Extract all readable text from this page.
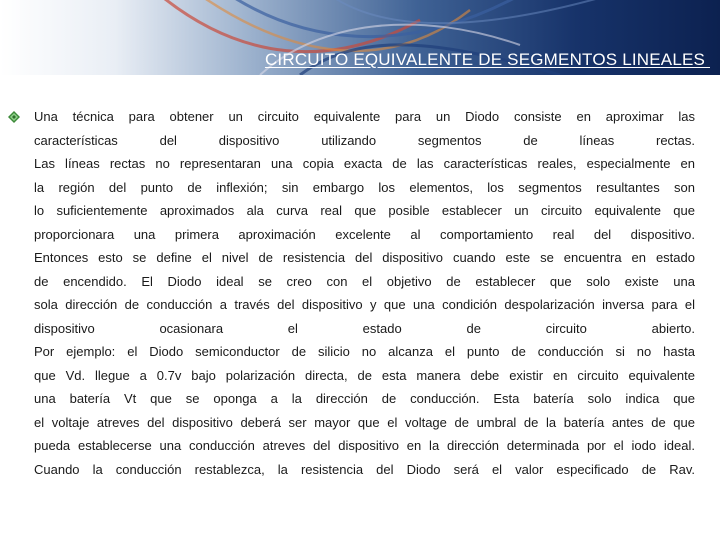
CIRCUITO EQUIVALENTE DE SEGMENTOS LINEALES

Una técnica para obtener un circuito equivalente para un Diodo consiste en aproximar las
características del dispositivo utilizando segmentos de líneas rectas.
Las líneas rectas no representaran una copia exacta de las características reales, especialmente en
la región del punto de inflexión; sin embargo los elementos, los segmentos resultantes son
lo suficientemente aproximados ala curva real que posible establecer un circuito equivalente que
proporcionara una primera aproximación excelente al comportamiento real del dispositivo.
Entonces esto se define el nivel de resistencia del dispositivo cuando este se encuentra en estado
de encendido. El Diodo ideal se creo con el objetivo de establecer que solo existe una
sola dirección de conducción a través del dispositivo y que una condición despolarización inversa para el
dispositivo ocasionara el estado de circuito abierto.
Por ejemplo: el Diodo semiconductor de silicio no alcanza el punto de conducción si no hasta
que Vd. llegue a 0.7v bajo polarización directa, de esta manera debe existir en circuito equivalente
una batería Vt que se oponga a la dirección de conducción. Esta batería solo indica que
el voltaje atreves del dispositivo deberá ser mayor que el voltage de umbral de la batería antes de que
pueda establecerse una conducción atreves del dispositivo en la dirección determinada por el iodo ideal.
Cuando la conducción restablezca, la resistencia del Diodo será el valor especificado de Rav.
